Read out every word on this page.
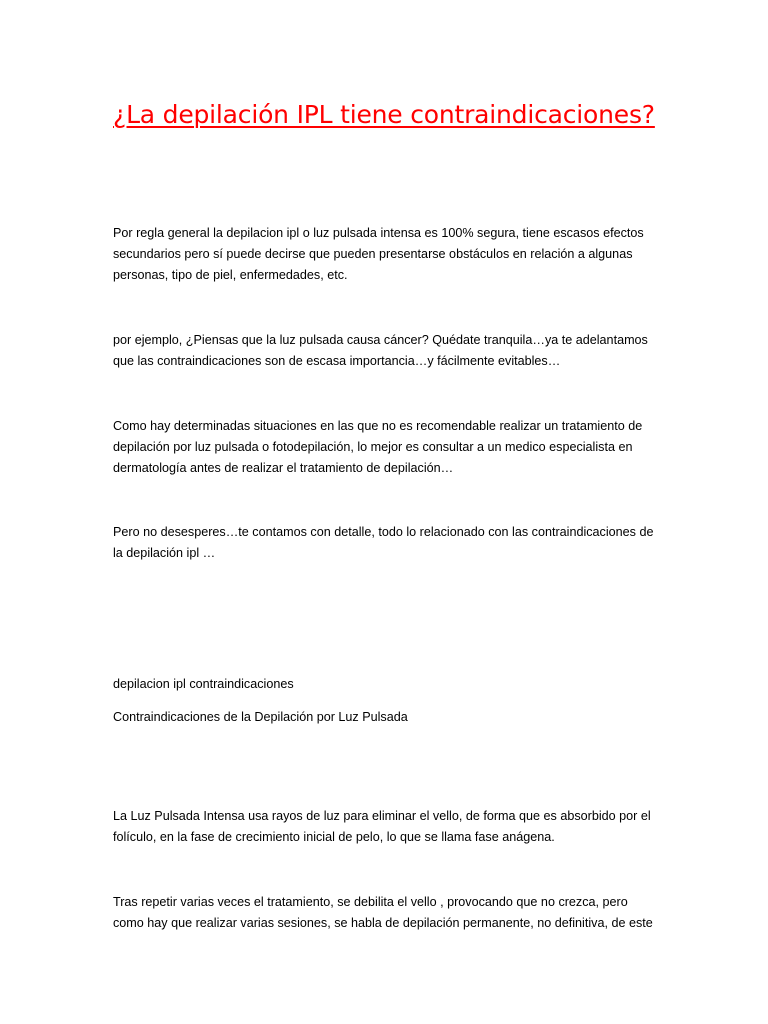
¿La depilación IPL tiene contraindicaciones?

Por regla general la depilacion ipl o luz pulsada intensa es 100% segura, tiene escasos efectos secundarios pero sí puede decirse que pueden presentarse obstáculos en relación a algunas personas, tipo de piel, enfermedades, etc.

por ejemplo, ¿Piensas que la luz pulsada causa cáncer? Quédate tranquila…ya te adelantamos que las contraindicaciones son de escasa importancia…y fácilmente evitables…

Como hay determinadas situaciones en las que no es recomendable realizar un tratamiento de depilación por luz pulsada o fotodepilación, lo mejor es consultar a un medico especialista en dermatología antes de realizar el tratamiento de depilación…

Pero no desesperes…te contamos con detalle, todo lo relacionado con las contraindicaciones de la depilación ipl …

depilacion ipl contraindicaciones

Contraindicaciones de la Depilación por Luz Pulsada

La Luz Pulsada Intensa usa rayos de luz para eliminar el vello, de forma que es absorbido por el folículo, en la fase de crecimiento inicial de pelo, lo que se llama fase anágena.

Tras repetir varias veces el tratamiento, se debilita el vello , provocando que no crezca, pero como hay que realizar varias sesiones, se habla de depilación permanente, no definitiva, de este
